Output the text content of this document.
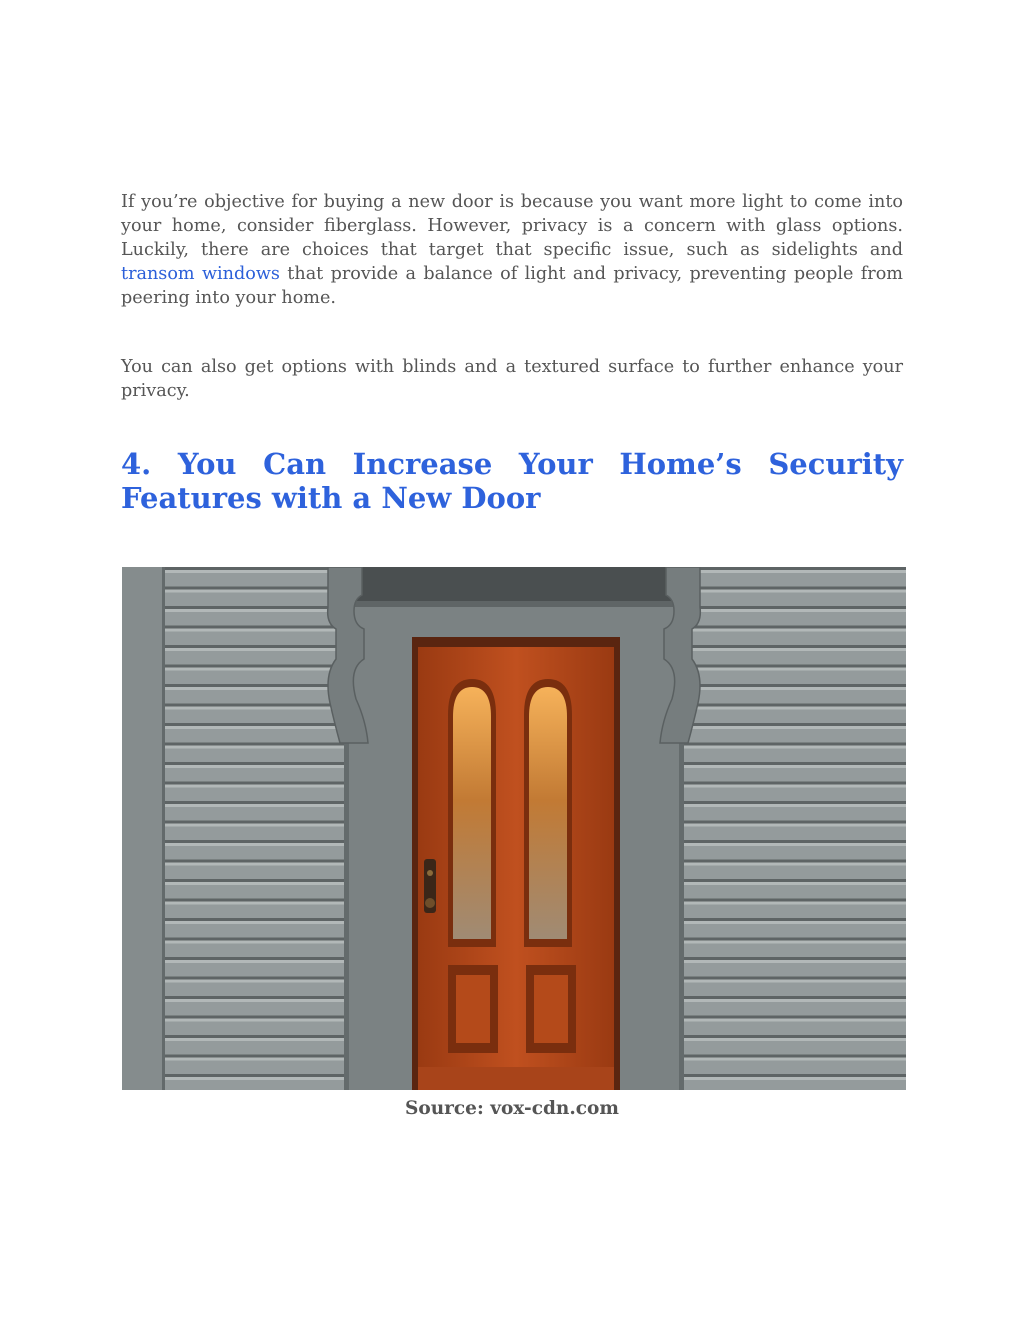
If you’re objective for buying a new door is because you want more light to come into your home, consider fiberglass. However, privacy is a concern with glass options. Luckily, there are choices that target that specific issue, such as sidelights and transom windows that provide a balance of light and privacy, preventing people from peering into your home.

You can also get options with blinds and a textured surface to further enhance your privacy.

4. You Can Increase Your Home’s Security Features with a New Door

Source: vox-cdn.com
